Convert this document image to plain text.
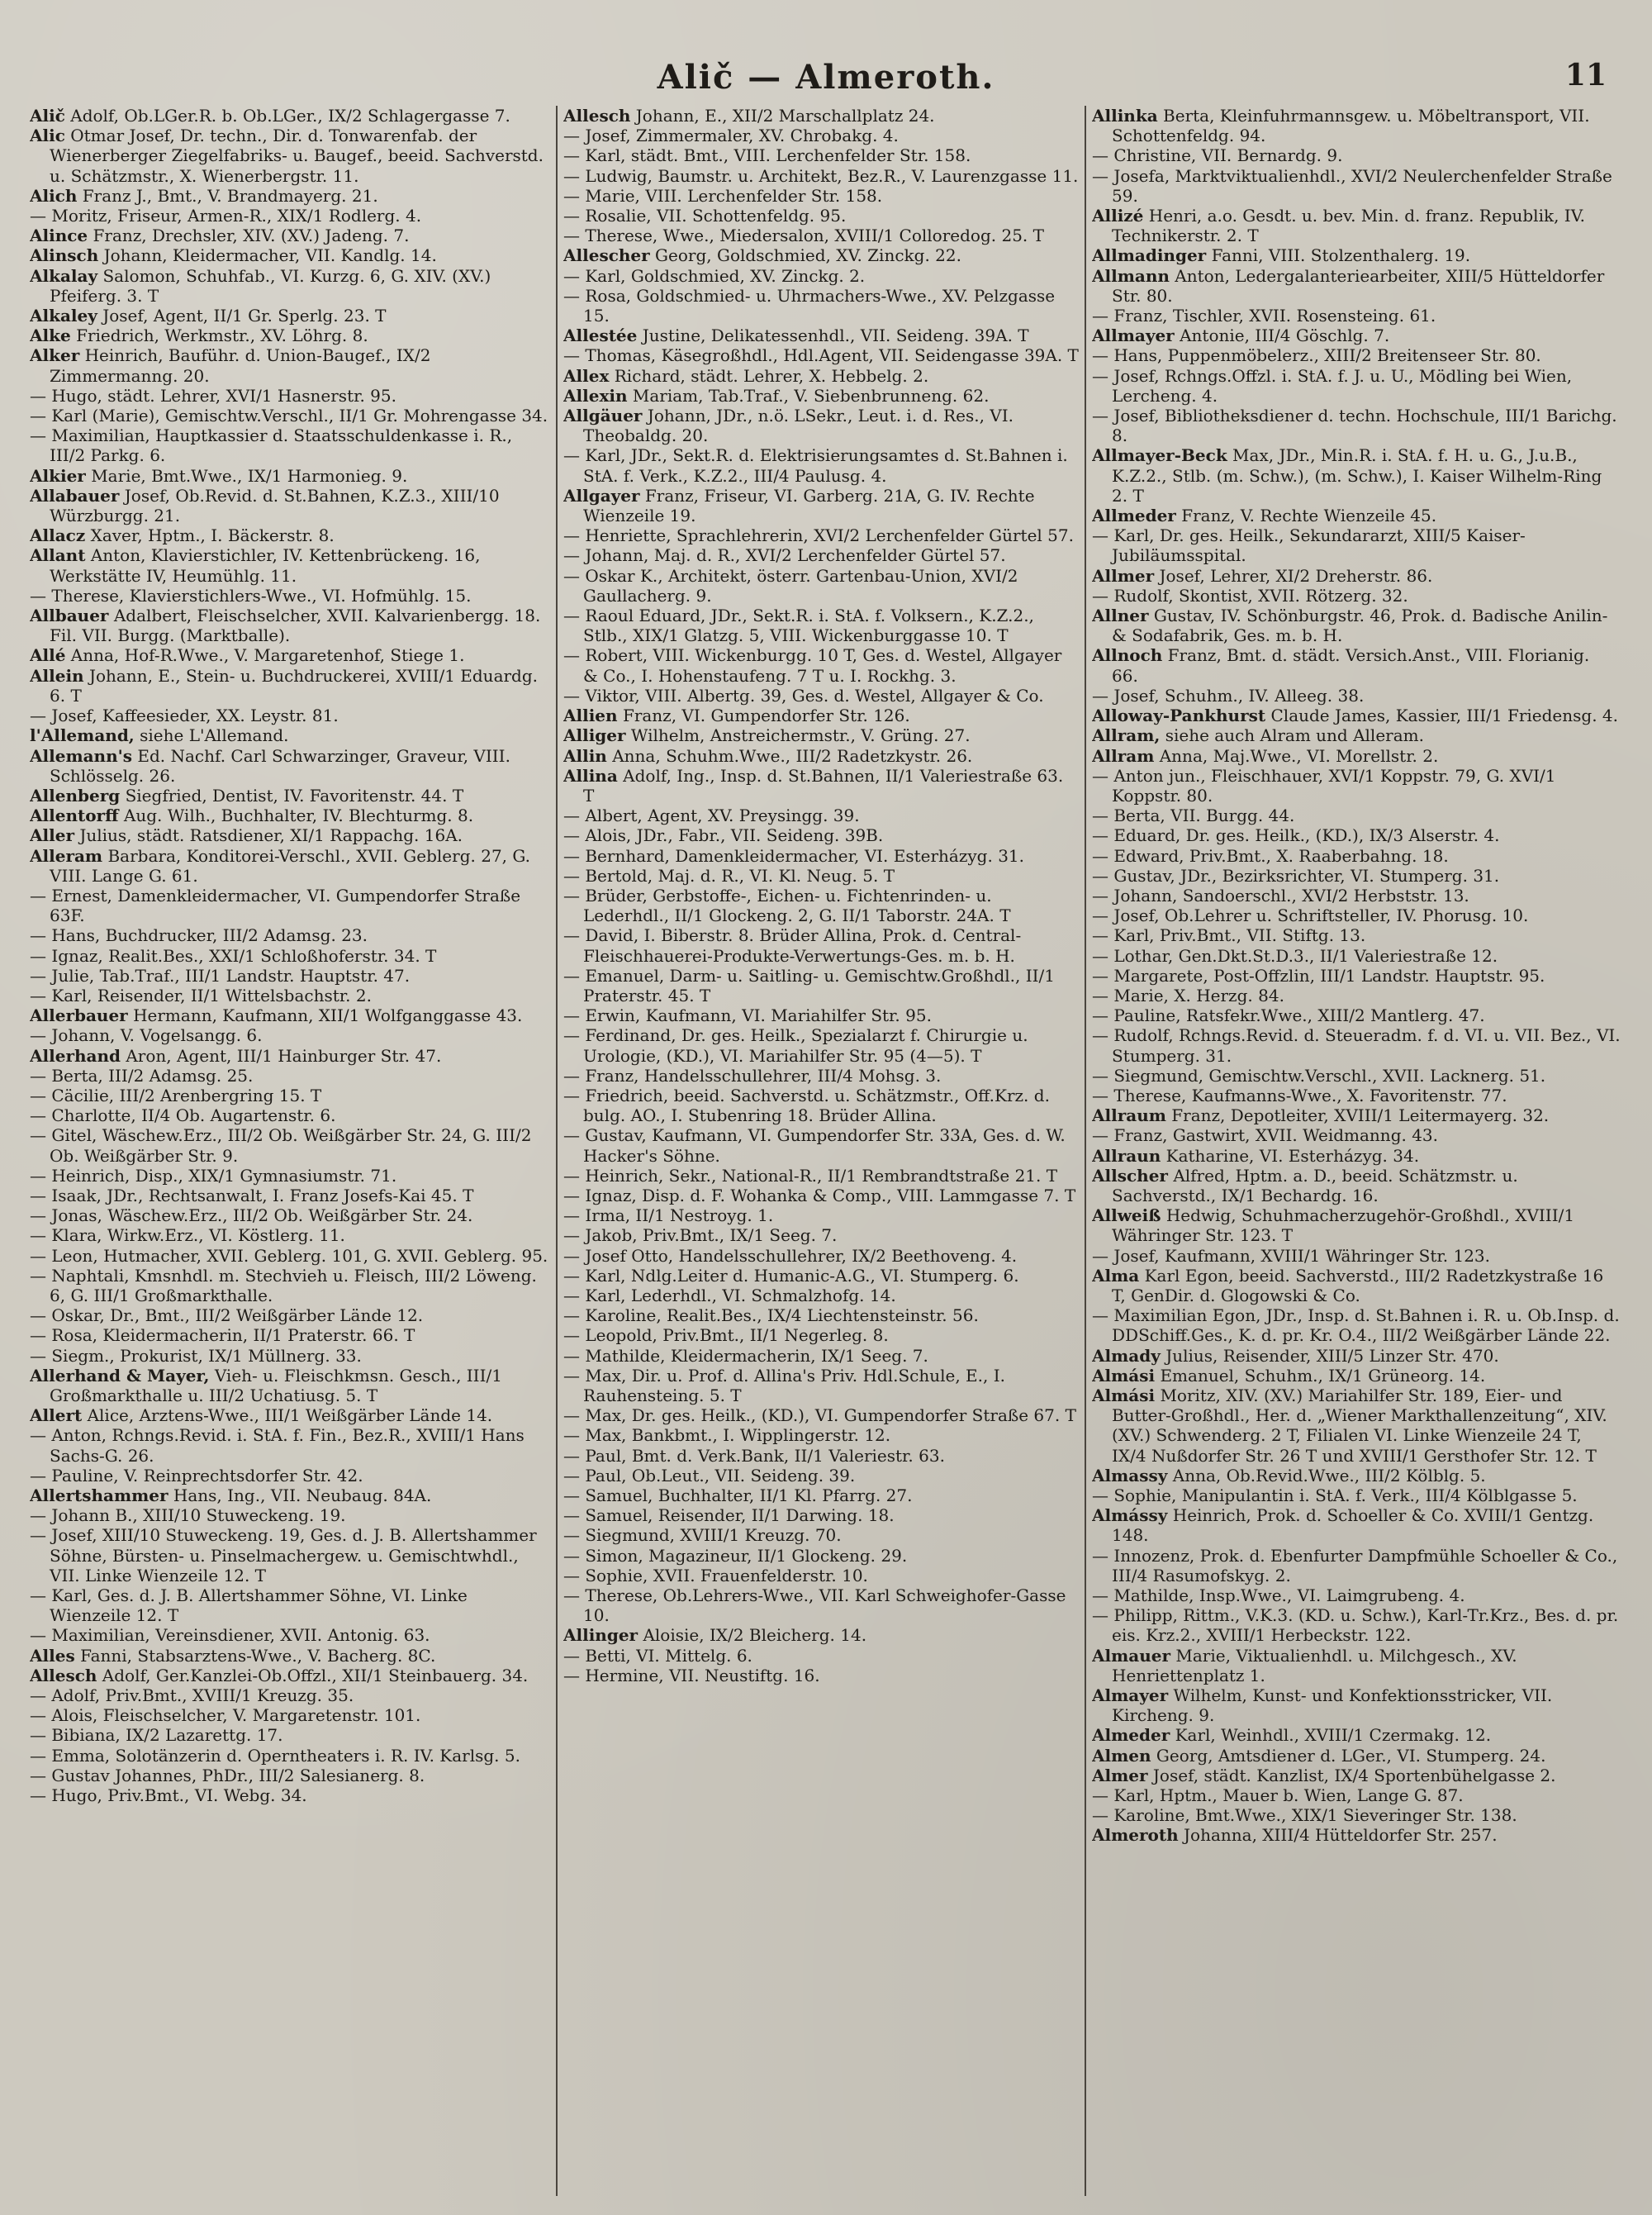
Alič — Almeroth.	11
Alič Adolf, Ob.LGer.R. b. Ob.LGer., IX/2 Schlagergasse 7.
Alic Otmar Josef, Dr. techn., Dir. d. Tonwarenfab. der Wienerberger Ziegelfabriks- u. Baugef., beeid. Sachverstd. u. Schätzmstr., X. Wienerbergstr. 11.
Alich Franz J., Bmt., V. Brandmayerg. 21.
— Moritz, Friseur, Armen-R., XIX/1 Rodlerg. 4.
Alince Franz, Drechsler, XIV. (XV.) Jadeng. 7.
Alinsch Johann, Kleidermacher, VII. Kandlg. 14.
Alkalay Salomon, Schuhfab., VI. Kurzg. 6, G. XIV. (XV.) Pfeiferg. 3. T
Alkaley Josef, Agent, II/1 Gr. Sperlg. 23. T
Alke Friedrich, Werkmstr., XV. Löhrg. 8.
Alker Heinrich, Bauführ. d. Union-Baugef., IX/2 Zimmermanng. 20.
— Hugo, städt. Lehrer, XVI/1 Hasnerstr. 95.
— Karl (Marie), Gemischtw.Verschl., II/1 Gr. Mohrengasse 34.
— Maximilian, Hauptkassier d. Staatsschuldenkasse i. R., III/2 Parkg. 6.
Alkier Marie, Bmt.Wwe., IX/1 Harmonieg. 9.
Allabauer Josef, Ob.Revid. d. St.Bahnen, K.Z.3., XIII/10 Würzburgg. 21.
Allacz Xaver, Hptm., I. Bäckerstr. 8.
Allant Anton, Klavierstichler, IV. Kettenbrückeng. 16, Werkstätte IV, Heumühlg. 11.
— Therese, Klavierstichlers-Wwe., VI. Hofmühlg. 15.
Allbauer Adalbert, Fleischselcher, XVII. Kalvarienbergg. 18. Fil. VII. Burgg. (Marktballe).
Allé Anna, Hof-R.Wwe., V. Margaretenhof, Stiege 1.
Allein Johann, E., Stein- u. Buchdruckerei, XVIII/1 Eduardg. 6. T
— Josef, Kaffeesieder, XX. Leystr. 81.
l'Allemand, siehe L'Allemand.
Allemann's Ed. Nachf. Carl Schwarzinger, Graveur, VIII. Schlösselg. 26.
Allenberg Siegfried, Dentist, IV. Favoritenstr. 44. T
Allentorff Aug. Wilh., Buchhalter, IV. Blechturmg. 8.
Aller Julius, städt. Ratsdiener, XI/1 Rappachg. 16A.
Alleram Barbara, Konditorei-Verschl., XVII. Geblerg. 27, G. VIII. Lange G. 61.
— Ernest, Damenkleidermacher, VI. Gumpendorfer Straße 63F.
— Hans, Buchdrucker, III/2 Adamsg. 23.
— Ignaz, Realit.Bes., XXI/1 Schloßhoferstr. 34. T
— Julie, Tab.Traf., III/1 Landstr. Hauptstr. 47.
— Karl, Reisender, II/1 Wittelsbachstr. 2.
Allerbauer Hermann, Kaufmann, XII/1 Wolfganggasse 43.
— Johann, V. Vogelsangg. 6.
Allerhand Aron, Agent, III/1 Hainburger Str. 47.
— Berta, III/2 Adamsg. 25.
— Cäcilie, III/2 Arenbergring 15. T
— Charlotte, II/4 Ob. Augartenstr. 6.
— Gitel, Wäschew.Erz., III/2 Ob. Weißgärber Str. 24, G. III/2 Ob. Weißgärber Str. 9.
— Heinrich, Disp., XIX/1 Gymnasiumstr. 71.
— Isaak, JDr., Rechtsanwalt, I. Franz Josefs-Kai 45. T
— Jonas, Wäschew.Erz., III/2 Ob. Weißgärber Str. 24.
— Klara, Wirkw.Erz., VI. Köstlerg. 11.
— Leon, Hutmacher, XVII. Geblerg. 101, G. XVII. Geblerg. 95.
— Naphtali, Kmsnhdl. m. Stechvieh u. Fleisch, III/2 Löweng. 6, G. III/1 Großmarkthalle.
— Oskar, Dr., Bmt., III/2 Weißgärber Lände 12.
— Rosa, Kleidermacherin, II/1 Praterstr. 66. T
— Siegm., Prokurist, IX/1 Müllnerg. 33.
Allerhand & Mayer, Vieh- u. Fleischkmsn. Gesch., III/1 Großmarkthalle u. III/2 Uchatiusg. 5. T
Allert Alice, Arztens-Wwe., III/1 Weißgärber Lände 14.
— Anton, Rchngs.Revid. i. StA. f. Fin., Bez.R., XVIII/1 Hans Sachs-G. 26.
— Pauline, V. Reinprechtsdorfer Str. 42.
Allertshammer Hans, Ing., VII. Neubaug. 84A.
— Johann B., XIII/10 Stuweckeng. 19.
— Josef, XIII/10 Stuweckeng. 19, Ges. d. J. B. Allertshammer Söhne, Bürsten- u. Pinselmachergew. u. Gemischtwhdl., VII. Linke Wienzeile 12. T
— Karl, Ges. d. J. B. Allertshammer Söhne, VI. Linke Wienzeile 12. T
— Maximilian, Vereinsdiener, XVII. Antonig. 63.
Alles Fanni, Stabsarztens-Wwe., V. Bacherg. 8C.
Allesch Adolf, Ger.Kanzlei-Ob.Offzl., XII/1 Steinbauerg. 34.
— Adolf, Priv.Bmt., XVIII/1 Kreuzg. 35.
— Alois, Fleischselcher, V. Margaretenstr. 101.
— Bibiana, IX/2 Lazarettg. 17.
— Emma, Solotänzerin d. Operntheaters i. R. IV. Karlsg. 5.
— Gustav Johannes, PhDr., III/2 Salesianerg. 8.
— Hugo, Priv.Bmt., VI. Webg. 34.
Allesch Johann, E., XII/2 Marschallplatz 24.
— Josef, Zimmermaler, XV. Chrobakg. 4.
— Karl, städt. Bmt., VIII. Lerchenfelder Str. 158.
— Ludwig, Baumstr. u. Architekt, Bez.R., V. Laurenzgasse 11.
— Marie, VIII. Lerchenfelder Str. 158.
— Rosalie, VII. Schottenfeldg. 95.
— Therese, Wwe., Miedersalon, XVIII/1 Colloredog. 25. T
Allescher Georg, Goldschmied, XV. Zinckg. 22.
— Karl, Goldschmied, XV. Zinckg. 2.
— Rosa, Goldschmied- u. Uhrmachers-Wwe., XV. Pelzgasse 15.
Allestée Justine, Delikatessenhdl., VII. Seideng. 39A. T
— Thomas, Käsegroßhdl., Hdl.Agent, VII. Seidengasse 39A. T
Allex Richard, städt. Lehrer, X. Hebbelg. 2.
Allexin Mariam, Tab.Traf., V. Siebenbrunneng. 62.
Allgäuer Johann, JDr., n.ö. LSekr., Leut. i. d. Res., VI. Theobaldg. 20.
— Karl, JDr., Sekt.R. d. Elektrisierungsamtes d. St.Bahnen i. StA. f. Verk., K.Z.2., III/4 Paulusg. 4.
Allgayer Franz, Friseur, VI. Garberg. 21A, G. IV. Rechte Wienzeile 19.
— Henriette, Sprachlehrerin, XVI/2 Lerchenfelder Gürtel 57.
— Johann, Maj. d. R., XVI/2 Lerchenfelder Gürtel 57.
— Oskar K., Architekt, österr. Gartenbau-Union, XVI/2 Gaullacherg. 9.
— Raoul Eduard, JDr., Sekt.R. i. StA. f. Volksern., K.Z.2., Stlb., XIX/1 Glatzg. 5, VIII. Wickenburggasse 10. T
— Robert, VIII. Wickenburgg. 10 T, Ges. d. Westel, Allgayer & Co., I. Hohenstaufeng. 7 T u. I. Rockhg. 3.
— Viktor, VIII. Albertg. 39, Ges. d. Westel, Allgayer & Co.
Allien Franz, VI. Gumpendorfer Str. 126.
Alliger Wilhelm, Anstreichermstr., V. Grüng. 27.
Allin Anna, Schuhm.Wwe., III/2 Radetzkystr. 26.
Allina Adolf, Ing., Insp. d. St.Bahnen, II/1 Valeriestraße 63. T
— Albert, Agent, XV. Preysingg. 39.
— Alois, JDr., Fabr., VII. Seideng. 39B.
— Bernhard, Damenkleidermacher, VI. Esterházyg. 31.
— Bertold, Maj. d. R., VI. Kl. Neug. 5. T
— Brüder, Gerbstoffe-, Eichen- u. Fichtenrinden- u. Lederhdl., II/1 Glockeng. 2, G. II/1 Taborstr. 24A. T
— David, I. Biberstr. 8. Brüder Allina, Prok. d. Central-Fleischhauerei-Produkte-Verwertungs-Ges. m. b. H.
— Emanuel, Darm- u. Saitling- u. Gemischtw.Großhdl., II/1 Praterstr. 45. T
— Erwin, Kaufmann, VI. Mariahilfer Str. 95.
— Ferdinand, Dr. ges. Heilk., Spezialarzt f. Chirurgie u. Urologie, (KD.), VI. Mariahilfer Str. 95 (4—5). T
— Franz, Handelsschullehrer, III/4 Mohsg. 3.
— Friedrich, beeid. Sachverstd. u. Schätzmstr., Off.Krz. d. bulg. AO., I. Stubenring 18. Brüder Allina.
— Gustav, Kaufmann, VI. Gumpendorfer Str. 33A, Ges. d. W. Hacker's Söhne.
— Heinrich, Sekr., National-R., II/1 Rembrandtstraße 21. T
— Ignaz, Disp. d. F. Wohanka & Comp., VIII. Lammgasse 7. T
— Irma, II/1 Nestroyg. 1.
— Jakob, Priv.Bmt., IX/1 Seeg. 7.
— Josef Otto, Handelsschullehrer, IX/2 Beethoveng. 4.
— Karl, Ndlg.Leiter d. Humanic-A.G., VI. Stumperg. 6.
— Karl, Lederhdl., VI. Schmalzhofg. 14.
— Karoline, Realit.Bes., IX/4 Liechtensteinstr. 56.
— Leopold, Priv.Bmt., II/1 Negerleg. 8.
— Mathilde, Kleidermacherin, IX/1 Seeg. 7.
— Max, Dir. u. Prof. d. Allina's Priv. Hdl.Schule, E., I. Rauhensteing. 5. T
— Max, Dr. ges. Heilk., (KD.), VI. Gumpendorfer Straße 67. T
— Max, Bankbmt., I. Wipplingerstr. 12.
— Paul, Bmt. d. Verk.Bank, II/1 Valeriestr. 63.
— Paul, Ob.Leut., VII. Seideng. 39.
— Samuel, Buchhalter, II/1 Kl. Pfarrg. 27.
— Samuel, Reisender, II/1 Darwing. 18.
— Siegmund, XVIII/1 Kreuzg. 70.
— Simon, Magazineur, II/1 Glockeng. 29.
— Sophie, XVII. Frauenfelderstr. 10.
— Therese, Ob.Lehrers-Wwe., VII. Karl Schweighofer-Gasse 10.
Allinger Aloisie, IX/2 Bleicherg. 14.
— Betti, VI. Mittelg. 6.
— Hermine, VII. Neustiftg. 16.
Allinka Berta, Kleinfuhrmannsgew. u. Möbeltransport, VII. Schottenfeldg. 94.
— Christine, VII. Bernardg. 9.
— Josefa, Marktviktualienhdl., XVI/2 Neulerchenfelder Straße 59.
Allizé Henri, a.o. Gesdt. u. bev. Min. d. franz. Republik, IV. Technikerstr. 2. T
Allmadinger Fanni, VIII. Stolzenthalerg. 19.
Allmann Anton, Ledergalanteriearbeiter, XIII/5 Hütteldorfer Str. 80.
— Franz, Tischler, XVII. Rosensteing. 61.
Allmayer Antonie, III/4 Göschlg. 7.
— Hans, Puppenmöbelerz., XIII/2 Breitenseer Str. 80.
— Josef, Rchngs.Offzl. i. StA. f. J. u. U., Mödling bei Wien, Lercheng. 4.
— Josef, Bibliotheksdiener d. techn. Hochschule, III/1 Barichg. 8.
Allmayer-Beck Max, JDr., Min.R. i. StA. f. H. u. G., J.u.B., K.Z.2., Stlb. (m. Schw.), (m. Schw.), I. Kaiser Wilhelm-Ring 2. T
Allmeder Franz, V. Rechte Wienzeile 45.
— Karl, Dr. ges. Heilk., Sekundararzt, XIII/5 Kaiser-Jubiläumsspital.
Allmer Josef, Lehrer, XI/2 Dreherstr. 86.
— Rudolf, Skontist, XVII. Rötzerg. 32.
Allner Gustav, IV. Schönburgstr. 46, Prok. d. Badische Anilin- & Sodafabrik, Ges. m. b. H.
Allnoch Franz, Bmt. d. städt. Versich.Anst., VIII. Florianig. 66.
— Josef, Schuhm., IV. Alleeg. 38.
Alloway-Pankhurst Claude James, Kassier, III/1 Friedensg. 4.
Allram, siehe auch Alram und Alleram.
Allram Anna, Maj.Wwe., VI. Morellstr. 2.
— Anton jun., Fleischhauer, XVI/1 Koppstr. 79, G. XVI/1 Koppstr. 80.
— Berta, VII. Burgg. 44.
— Eduard, Dr. ges. Heilk., (KD.), IX/3 Alserstr. 4.
— Edward, Priv.Bmt., X. Raaberbahng. 18.
— Gustav, JDr., Bezirksrichter, VI. Stumperg. 31.
— Johann, Sandoerschl., XVI/2 Herbststr. 13.
— Josef, Ob.Lehrer u. Schriftsteller, IV. Phorusg. 10.
— Karl, Priv.Bmt., VII. Stiftg. 13.
— Lothar, Gen.Dkt.St.D.3., II/1 Valeriestraße 12.
— Margarete, Post-Offzlin, III/1 Landstr. Hauptstr. 95.
— Marie, X. Herzg. 84.
— Pauline, Ratsfekr.Wwe., XIII/2 Mantlerg. 47.
— Rudolf, Rchngs.Revid. d. Steueradm. f. d. VI. u. VII. Bez., VI. Stumperg. 31.
— Siegmund, Gemischtw.Verschl., XVII. Lacknerg. 51.
— Therese, Kaufmanns-Wwe., X. Favoritenstr. 77.
Allraum Franz, Depotleiter, XVIII/1 Leitermayerg. 32.
— Franz, Gastwirt, XVII. Weidmanng. 43.
Allraun Katharine, VI. Esterházyg. 34.
Allscher Alfred, Hptm. a. D., beeid. Schätzmstr. u. Sachverstd., IX/1 Bechardg. 16.
Allweiß Hedwig, Schuhmacherzugehör-Großhdl., XVIII/1 Währinger Str. 123. T
— Josef, Kaufmann, XVIII/1 Währinger Str. 123.
Alma Karl Egon, beeid. Sachverstd., III/2 Radetzkystraße 16 T, GenDir. d. Glogowski & Co.
— Maximilian Egon, JDr., Insp. d. St.Bahnen i. R. u. Ob.Insp. d. DDSchiff.Ges., K. d. pr. Kr. O.4., III/2 Weißgärber Lände 22.
Almady Julius, Reisender, XIII/5 Linzer Str. 470.
Almási Emanuel, Schuhm., IX/1 Grüneorg. 14.
Almási Moritz, XIV. (XV.) Mariahilfer Str. 189, Eier- und Butter-Großhdl., Her. d. „Wiener Markthallenzeitung“, XIV. (XV.) Schwenderg. 2 T, Filialen VI. Linke Wienzeile 24 T, IX/4 Nußdorfer Str. 26 T und XVIII/1 Gersthofer Str. 12. T
Almassy Anna, Ob.Revid.Wwe., III/2 Kölblg. 5.
— Sophie, Manipulantin i. StA. f. Verk., III/4 Kölblgasse 5.
Almássy Heinrich, Prok. d. Schoeller & Co. XVIII/1 Gentzg. 148.
— Innozenz, Prok. d. Ebenfurter Dampfmühle Schoeller & Co., III/4 Rasumofskyg. 2.
— Mathilde, Insp.Wwe., VI. Laimgrubeng. 4.
— Philipp, Rittm., V.K.3. (KD. u. Schw.), Karl-Tr.Krz., Bes. d. pr. eis. Krz.2., XVIII/1 Herbeckstr. 122.
Almauer Marie, Viktualienhdl. u. Milchgesch., XV. Henriettenplatz 1.
Almayer Wilhelm, Kunst- und Konfektionsstricker, VII. Kircheng. 9.
Almeder Karl, Weinhdl., XVIII/1 Czermakg. 12.
Almen Georg, Amtsdiener d. LGer., VI. Stumperg. 24.
Almer Josef, städt. Kanzlist, IX/4 Sportenbühelgasse 2.
— Karl, Hptm., Mauer b. Wien, Lange G. 87.
— Karoline, Bmt.Wwe., XIX/1 Sieveringer Str. 138.
Almeroth Johanna, XIII/4 Hütteldorfer Str. 257.
